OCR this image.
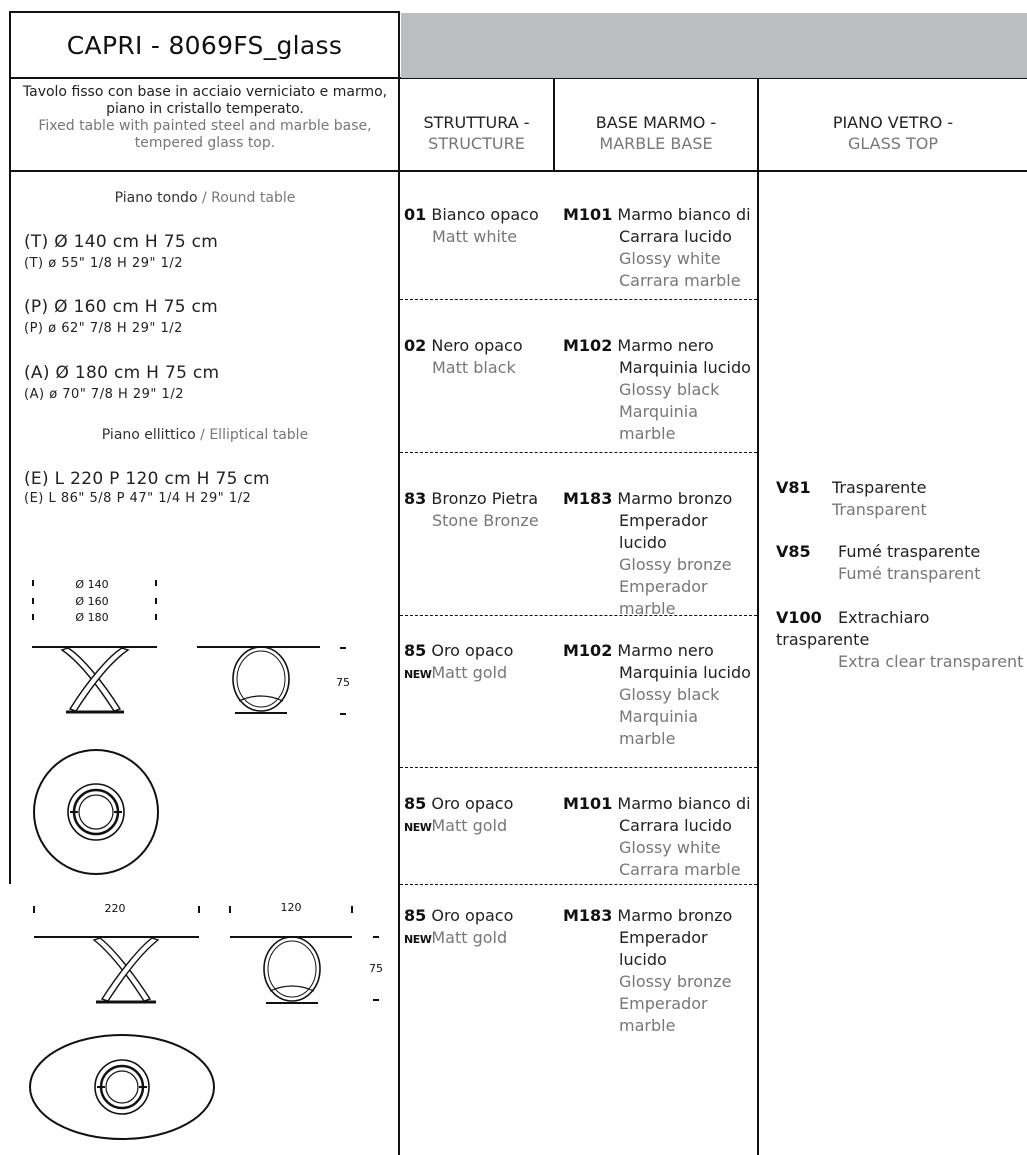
CAPRI - 8069FS_glass
Tavolo fisso con base in acciaio verniciato e marmo, piano in cristallo temperato.
Fixed table with painted steel and marble base, tempered glass top.
STRUTTURA -
STRUCTURE
BASE MARMO -
MARBLE BASE
PIANO VETRO -
GLASS TOP
Piano tondo / Round table
(T) Ø 140 cm H 75 cm
(T) ø 55" 1/8 H 29" 1/2
(P) Ø 160 cm H 75 cm
(P) ø 62" 7/8 H 29" 1/2
(A) Ø 180 cm H 75 cm
(A) ø 70" 7/8 H 29" 1/2
Piano ellittico / Elliptical table
(E) L 220 P 120 cm H 75 cm
(E) L 86" 5/8 P 47" 1/4 H 29" 1/2
Ø 140
Ø 160
Ø 180
75
220	120
75
01 Bianco opaco
Matt white
M101 Marmo bianco di
Carrara lucido
Glossy white
Carrara marble
02 Nero opaco
Matt black
M102 Marmo nero
Marquinia lucido
Glossy black
Marquinia
marble
83 Bronzo Pietra
Stone Bronze
M183 Marmo bronzo
Emperador lucido
Glossy bronze
Emperador
marble
85 Oro opaco
NEWMatt gold
M102 Marmo nero
Marquinia lucido
Glossy black
Marquinia
marble
85 Oro opaco
NEWMatt gold
M101 Marmo bianco di
Carrara lucido
Glossy white
Carrara marble
85 Oro opaco
NEWMatt gold
M183 Marmo bronzo
Emperador lucido
Glossy bronze
Emperador
marble
V81 Trasparente
Transparent
V85 Fumé trasparente
Fumé transparent
V100 Extrachiaro trasparente
Extra clear transparent
